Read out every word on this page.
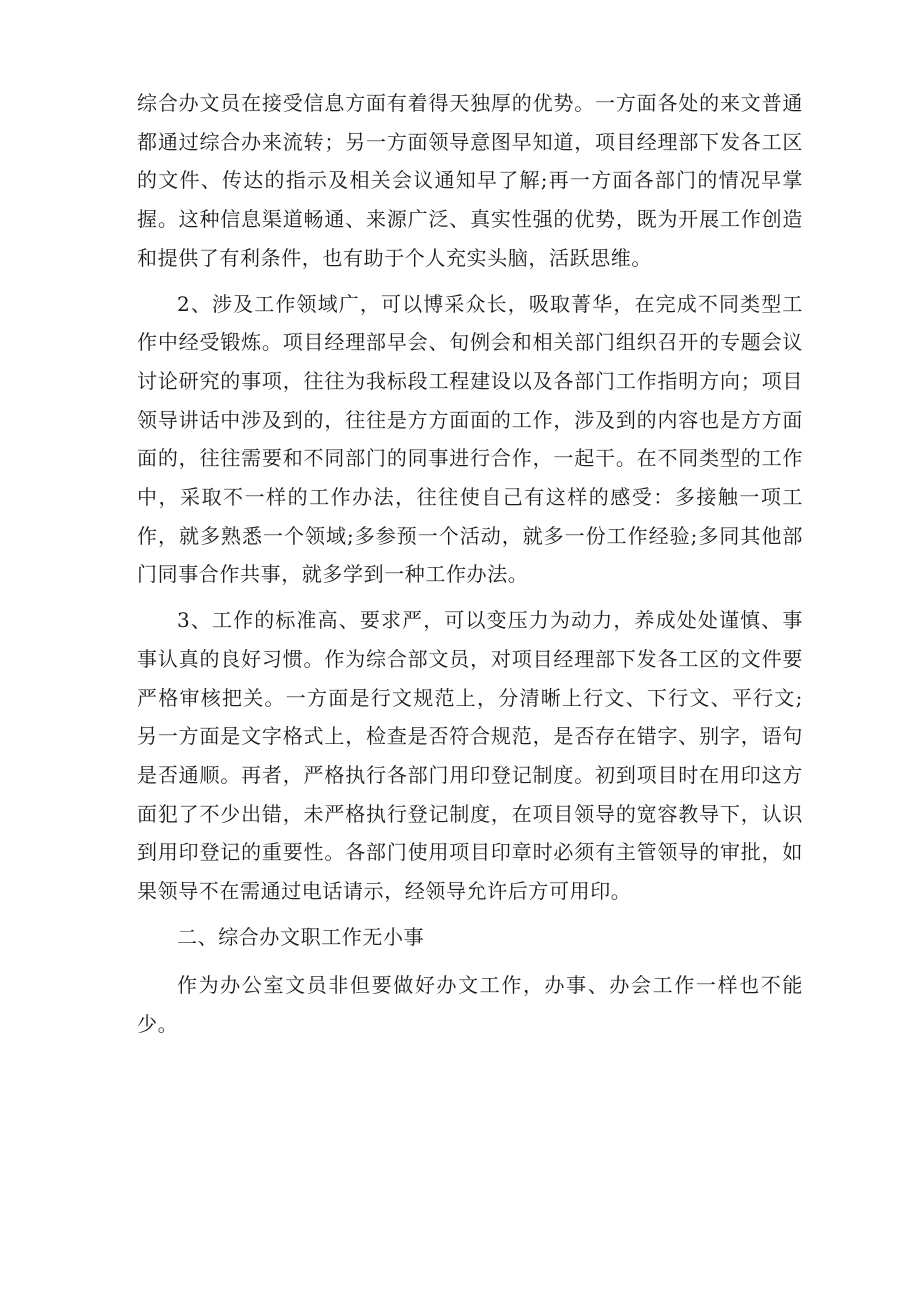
综合办文员在接受信息方面有着得天独厚的优势。一方面各处的来文普通都通过综合办来流转；另一方面领导意图早知道，项目经理部下发各工区的文件、传达的指示及相关会议通知早了解;再一方面各部门的情况早掌握。这种信息渠道畅通、来源广泛、真实性强的优势，既为开展工作创造和提供了有利条件，也有助于个人充实头脑，活跃思维。

2、涉及工作领域广，可以博采众长，吸取菁华，在完成不同类型工作中经受锻炼。项目经理部早会、旬例会和相关部门组织召开的专题会议讨论研究的事项，往往为我标段工程建设以及各部门工作指明方向；项目领导讲话中涉及到的，往往是方方面面的工作，涉及到的内容也是方方面面的，往往需要和不同部门的同事进行合作，一起干。在不同类型的工作中，采取不一样的工作办法，往往使自己有这样的感受：多接触一项工作，就多熟悉一个领域;多参预一个活动，就多一份工作经验;多同其他部门同事合作共事，就多学到一种工作办法。

3、工作的标准高、要求严，可以变压力为动力，养成处处谨慎、事事认真的良好习惯。作为综合部文员，对项目经理部下发各工区的文件要严格审核把关。一方面是行文规范上，分清晰上行文、下行文、平行文;另一方面是文字格式上，检查是否符合规范，是否存在错字、别字，语句是否通顺。再者，严格执行各部门用印登记制度。初到项目时在用印这方面犯了不少出错，未严格执行登记制度，在项目领导的宽容教导下，认识到用印登记的重要性。各部门使用项目印章时必须有主管领导的审批，如果领导不在需通过电话请示，经领导允许后方可用印。

二、综合办文职工作无小事

作为办公室文员非但要做好办文工作，办事、办会工作一样也不能少。
